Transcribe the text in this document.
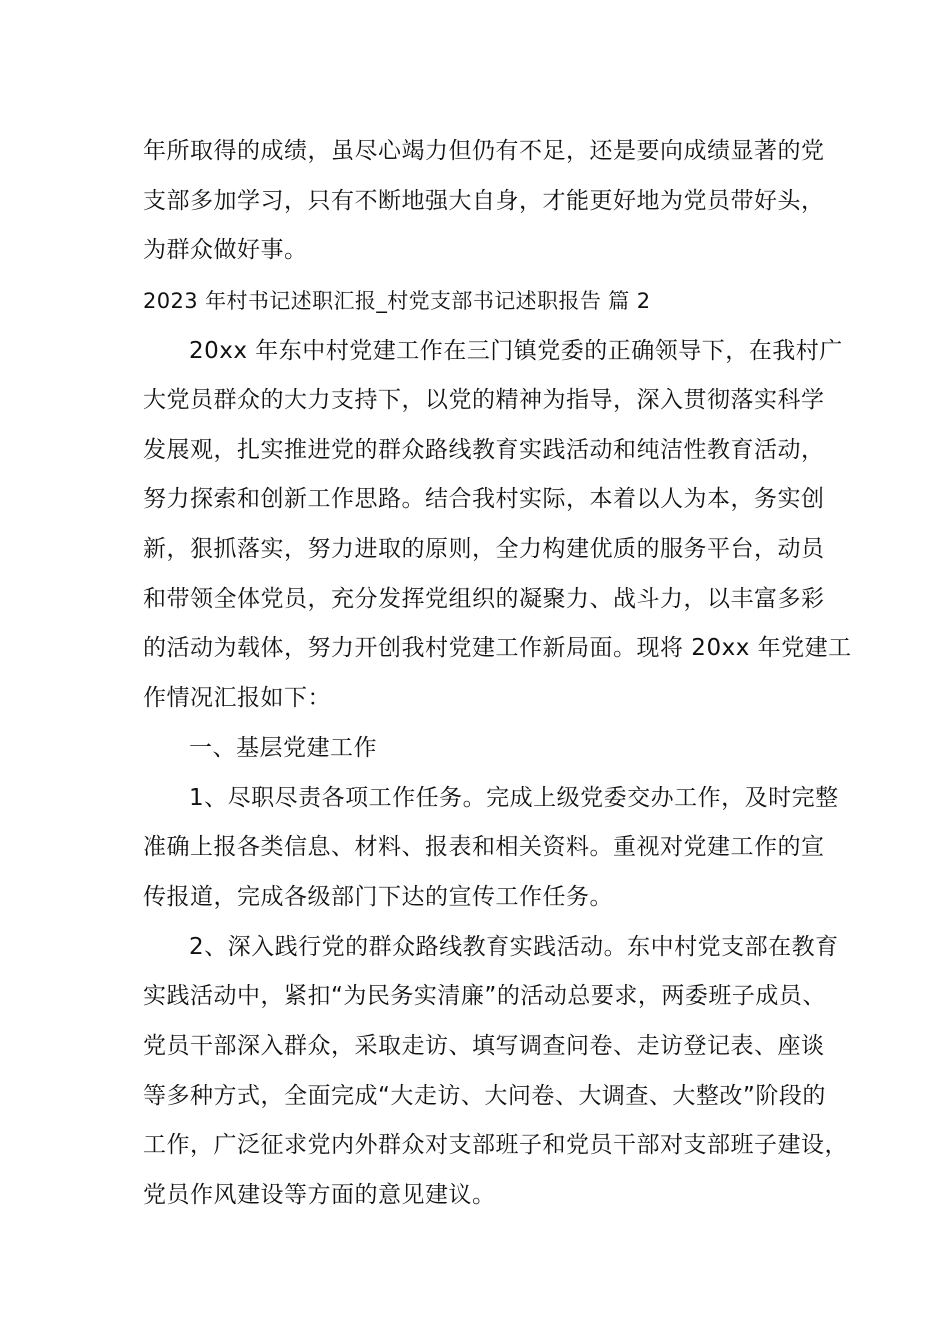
年所取得的成绩，虽尽心竭力但仍有不足，还是要向成绩显著的党
支部多加学习，只有不断地强大自身，才能更好地为党员带好头，
为群众做好事。
2023 年村书记述职汇报_村党支部书记述职报告 篇 2
20xx 年东中村党建工作在三门镇党委的正确领导下，在我村广
大党员群众的大力支持下，以党的精神为指导，深入贯彻落实科学
发展观，扎实推进党的群众路线教育实践活动和纯洁性教育活动，
努力探索和创新工作思路。结合我村实际，本着以人为本，务实创
新，狠抓落实，努力进取的原则，全力构建优质的服务平台，动员
和带领全体党员，充分发挥党组织的凝聚力、战斗力，以丰富多彩
的活动为载体，努力开创我村党建工作新局面。现将 20xx 年党建工
作情况汇报如下：
一、基层党建工作
1、尽职尽责各项工作任务。完成上级党委交办工作，及时完整
准确上报各类信息、材料、报表和相关资料。重视对党建工作的宣
传报道，完成各级部门下达的宣传工作任务。
2、深入践行党的群众路线教育实践活动。东中村党支部在教育
实践活动中，紧扣“为民务实清廉”的活动总要求，两委班子成员、
党员干部深入群众，采取走访、填写调查问卷、走访登记表、座谈
等多种方式，全面完成“大走访、大问卷、大调查、大整改”阶段的
工作，广泛征求党内外群众对支部班子和党员干部对支部班子建设，
党员作风建设等方面的意见建议。
